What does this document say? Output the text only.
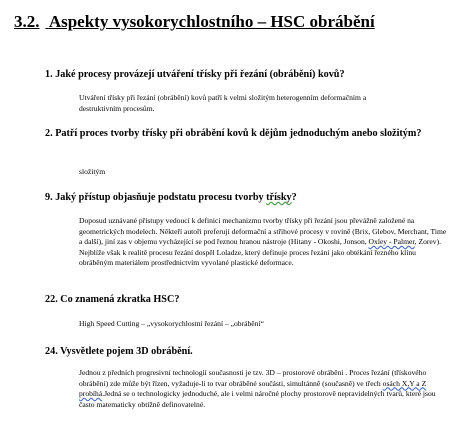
3.2. Aspekty vysokorychlostního – HSC obrábění
1. Jaké procesy provázejí utváření třísky při řezání (obrábění) kovů?
Utváření třísky při řezání (obrábění) kovů patří k velmi složitým heterogenním deformačním a destruktivním procesům.
2. Patří proces tvorby třísky při obrábění kovů k dějům jednoduchým anebo složitým?
složitým
9. Jaký přístup objasňuje podstatu procesu tvorby třísky?
Doposud uznávané přístupy vedoucí k definici mechanizmu tvorby třísky při řezání jsou převážně založené na geometrických modelech. Někteří autoři preferují deformační a střihové procesy v rovině (Brix, Glebov, Merchant, Time a další), jiní zas v objemu vycházející se pod řeznou hranou nástroje (Hitany - Okoshi, Jonson, Oxley - Palmer, Zorev). Nejblíže však k realitě procesu řezání dospěl Loladze, který definuje proces řezání jako obtékání řezného klínu obráběným materiálem prostřednictvím vyvolané plastické deformace.
22. Co znamená zkratka HSC?
High Speed Cutting – „vysokorychlostní řezání – „obrábění“
24. Vysvětlete pojem 3D obrábění.
Jednou z předních progresivní technologií současnosti je tzv. 3D – prostorové obrábění . Proces řezání (třískového obrábění) zde může být řízen, vyžaduje-li to tvar obráběné součásti, simultánně (současně) ve třech osách X,Y a Z probíhá.Jedná se o technologicky jednoduché, ale i velmi náročné plochy prostorově nepravidelných tvarů, které jsou často matematicky obtížně definovatelné.
